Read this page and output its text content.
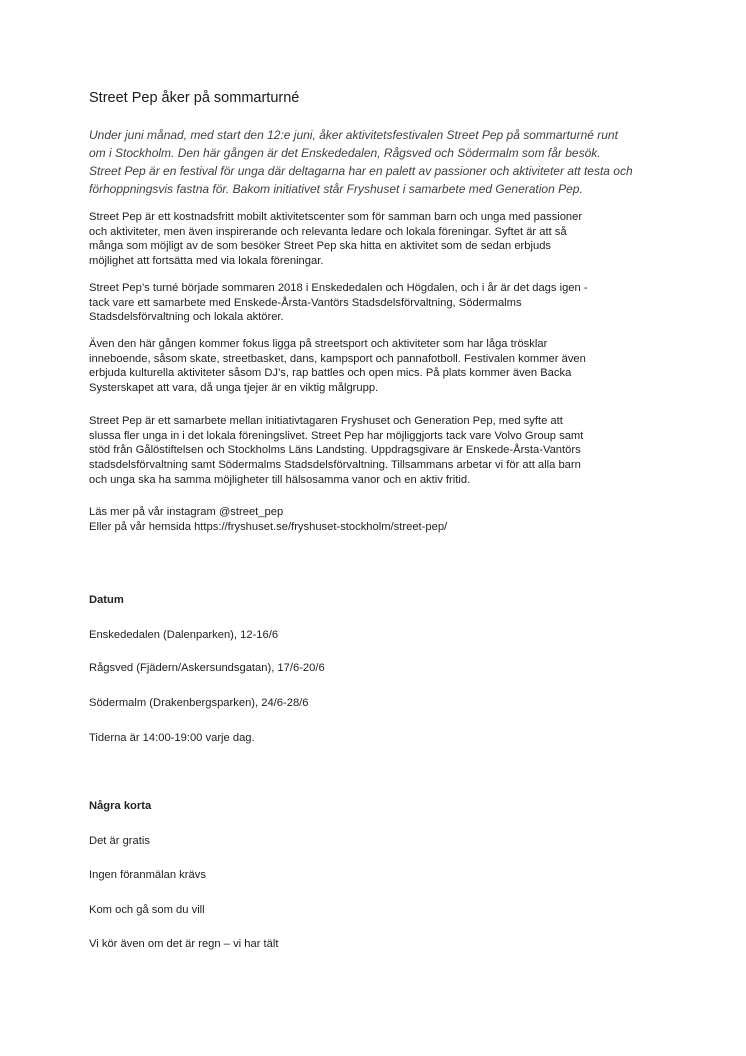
Street Pep åker på sommarturné

Under juni månad, med start den 12:e juni, åker aktivitetsfestivalen Street Pep på sommarturné runt
om i Stockholm. Den här gången är det Enskededalen, Rågsved och Södermalm som får besök.
Street Pep är en festival för unga där deltagarna har en palett av passioner och aktiviteter att testa och
förhoppningsvis fastna för. Bakom initiativet står Fryshuset i samarbete med Generation Pep.

Street Pep är ett kostnadsfritt mobilt aktivitetscenter som för samman barn och unga med passioner
och aktiviteter, men även inspirerande och relevanta ledare och lokala föreningar. Syftet är att så
många som möjligt av de som besöker Street Pep ska hitta en aktivitet som de sedan erbjuds
möjlighet att fortsätta med via lokala föreningar.

Street Pep’s turné började sommaren 2018 i Enskededalen och Högdalen, och i år är det dags igen -
tack vare ett samarbete med Enskede-Årsta-Vantörs Stadsdelsförvaltning, Södermalms
Stadsdelsförvaltning och lokala aktörer.

Även den här gången kommer fokus ligga på streetsport och aktiviteter som har låga trösklar
inneboende, såsom skate, streetbasket, dans, kampsport och pannafotboll. Festivalen kommer även
erbjuda kulturella aktiviteter såsom DJ’s, rap battles och open mics. På plats kommer även Backa
Systerskapet att vara, då unga tjejer är en viktig målgrupp.

Street Pep är ett samarbete mellan initiativtagaren Fryshuset och Generation Pep, med syfte att
slussa fler unga in i det lokala föreningslivet. Street Pep har möjliggjorts tack vare Volvo Group samt
stöd från Gålöstiftelsen och Stockholms Läns Landsting. Uppdragsgivare är Enskede-Årsta-Vantörs
stadsdelsförvaltning samt Södermalms Stadsdelsförvaltning. Tillsammans arbetar vi för att alla barn
och unga ska ha samma möjligheter till hälsosamma vanor och en aktiv fritid.

Läs mer på vår instagram @street_pep
Eller på vår hemsida https://fryshuset.se/fryshuset-stockholm/street-pep/

Datum

Enskededalen (Dalenparken), 12-16/6

Rågsved (Fjädern/Askersundsgatan), 17/6-20/6

Södermalm (Drakenbergsparken), 24/6-28/6

Tiderna är 14:00-19:00 varje dag.

Några korta

Det är gratis

Ingen föranmälan krävs

Kom och gå som du vill

Vi kör även om det är regn – vi har tält
